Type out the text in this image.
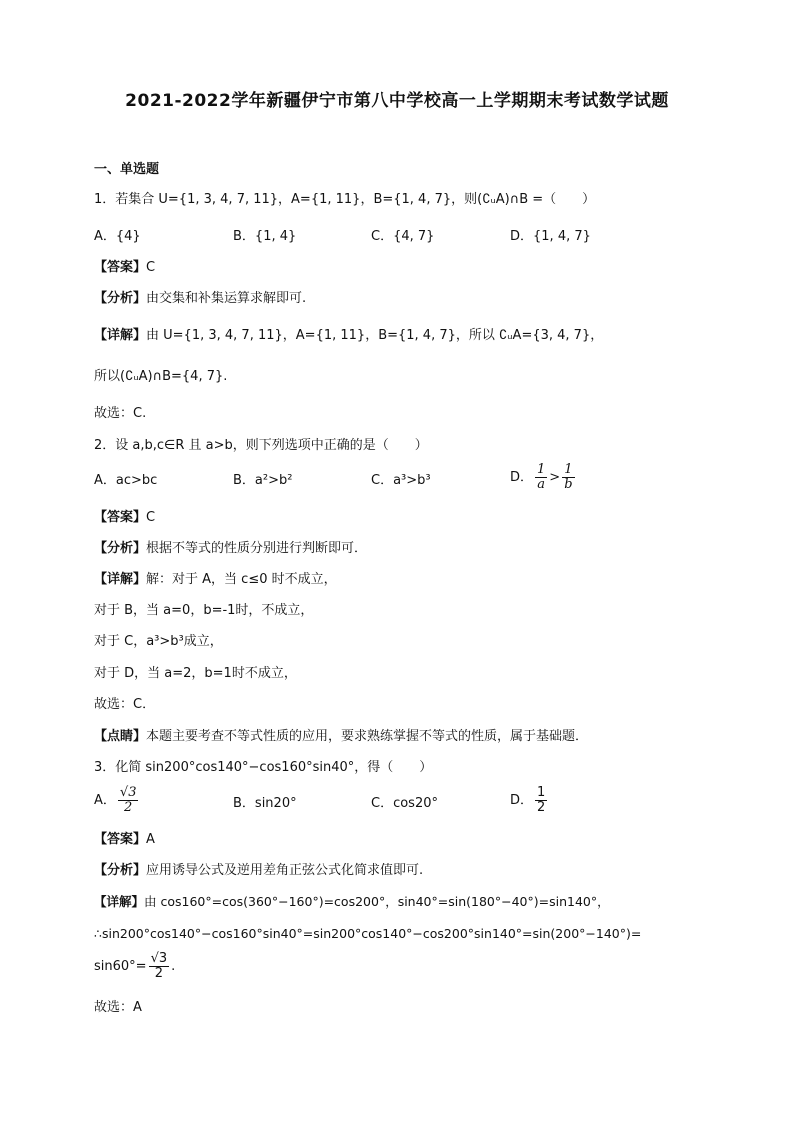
2021-2022学年新疆伊宁市第八中学校高一上学期期末考试数学试题
一、单选题
1．若集合 U={1, 3, 4, 7, 11}，A={1, 11}，B={1, 4, 7}，则(∁ᵤA)∩B =（　　）
A．{4}	B．{1, 4}	C．{4, 7}	D．{1, 4, 7}
【答案】C
【分析】由交集和补集运算求解即可.
【详解】由 U={1, 3, 4, 7, 11}，A={1, 11}，B={1, 4, 7}，所以 ∁ᵤA={3, 4, 7}，
所以(∁ᵤA)∩B={4, 7}.
故选：C.
2．设 a,b,c∈R 且 a>b，则下列选项中正确的是（　　）
A．ac>bc	B．a²>b²	C．a³>b³	D． $\frac{1}{a} > \frac{1}{b}$
【答案】C
【分析】根据不等式的性质分别进行判断即可．
【详解】解：对于 A，当 c≤0 时不成立，
对于 B，当 a=0，b=-1时，不成立，
对于 C，a³>b³成立，
对于 D，当 a=2，b=1时不成立，
故选：C．
【点睛】本题主要考查不等式性质的应用，要求熟练掌握不等式的性质，属于基础题．
3．化简 sin200°cos140°−cos160°sin40°，得（　　）
A． $\frac{√3}{2}$	B．sin20°	C．cos20°	D． $\frac{1}{2}$
【答案】A
【分析】应用诱导公式及逆用差角正弦公式化简求值即可.
【详解】由 cos160°=cos(360°−160°)=cos200°，sin40°=sin(180°−40°)=sin140°，
∴sin200°cos140°−cos160°sin40°=sin200°cos140°−cos200°sin140°=sin(200°−140°)=
$\sin 60^\circ= \frac{√3}{2}$ .
故选：A
